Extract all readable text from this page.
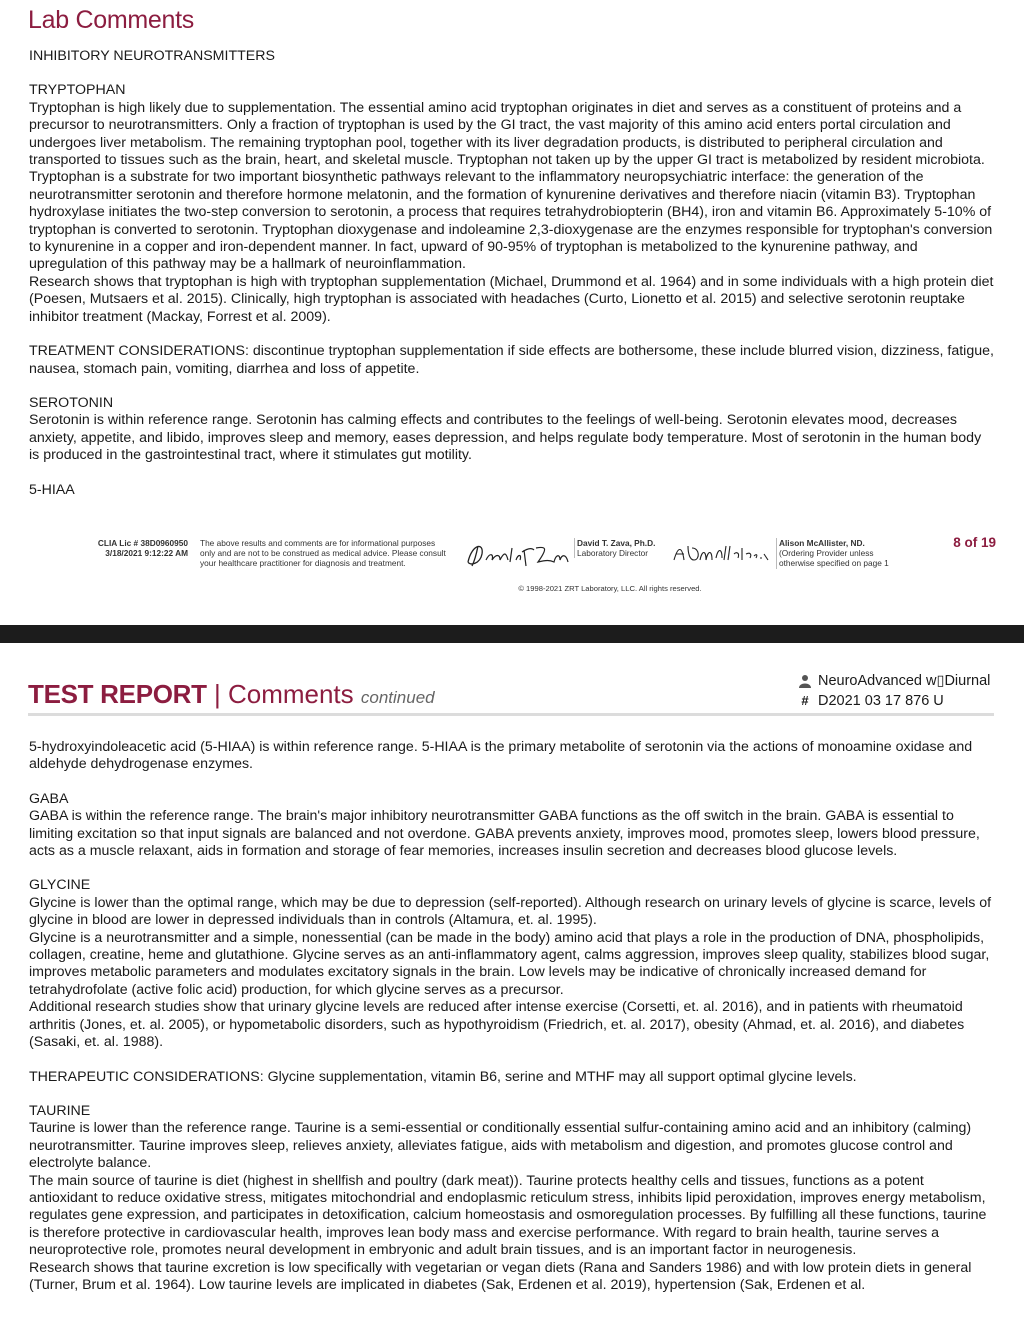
Lab Comments

INHIBITORY NEUROTRANSMITTERS

TRYPTOPHAN

Tryptophan is high likely due to supplementation. The essential amino acid tryptophan originates in diet and serves as a constituent of proteins and a precursor to neurotransmitters. Only a fraction of tryptophan is used by the GI tract, the vast majority of this amino acid enters portal circulation and undergoes liver metabolism. The remaining tryptophan pool, together with its liver degradation products, is distributed to peripheral circulation and transported to tissues such as the brain, heart, and skeletal muscle. Tryptophan not taken up by the upper GI tract is metabolized by resident microbiota.

Tryptophan is a substrate for two important biosynthetic pathways relevant to the inflammatory neuropsychiatric interface: the generation of the neurotransmitter serotonin and therefore hormone melatonin, and the formation of kynurenine derivatives and therefore niacin (vitamin B3). Tryptophan hydroxylase initiates the two-step conversion to serotonin, a process that requires tetrahydrobiopterin (BH4), iron and vitamin B6. Approximately 5-10% of tryptophan is converted to serotonin. Tryptophan dioxygenase and indoleamine 2,3-dioxygenase are the enzymes responsible for tryptophan's conversion to kynurenine in a copper and iron-dependent manner. In fact, upward of 90-95% of tryptophan is metabolized to the kynurenine pathway, and upregulation of this pathway may be a hallmark of neuroinflammation.

Research shows that tryptophan is high with tryptophan supplementation (Michael, Drummond et al. 1964) and in some individuals with a high protein diet (Poesen, Mutsaers et al. 2015). Clinically, high tryptophan is associated with headaches (Curto, Lionetto et al. 2015) and selective serotonin reuptake inhibitor treatment (Mackay, Forrest et al. 2009).

TREATMENT CONSIDERATIONS: discontinue tryptophan supplementation if side effects are bothersome, these include blurred vision, dizziness, fatigue, nausea, stomach pain, vomiting, diarrhea and loss of appetite.

SEROTONIN

Serotonin is within reference range. Serotonin has calming effects and contributes to the feelings of well-being. Serotonin elevates mood, decreases anxiety, appetite, and libido, improves sleep and memory, eases depression, and helps regulate body temperature. Most of serotonin in the human body is produced in the gastrointestinal tract, where it stimulates gut motility.

5-HIAA

CLIA Lic # 38D0960950
3/18/2021 9:12:22 AM
The above results and comments are for informational purposes only and are not to be construed as medical advice. Please consult your healthcare practitioner for diagnosis and treatment.
David T. Zava, Ph.D.
Laboratory Director
Alison McAllister, ND.
(Ordering Provider unless otherwise specified on page 1
8 of 19
© 1998-2021 ZRT Laboratory, LLC. All rights reserved.
TEST REPORT | Comments continued
NeuroAdvanced w▯Diurnal
# D2021 03 17 876 U

5-hydroxyindoleacetic acid (5-HIAA) is within reference range. 5-HIAA is the primary metabolite of serotonin via the actions of monoamine oxidase and aldehyde dehydrogenase enzymes.

GABA

GABA is within the reference range. The brain's major inhibitory neurotransmitter GABA functions as the off switch in the brain. GABA is essential to limiting excitation so that input signals are balanced and not overdone. GABA prevents anxiety, improves mood, promotes sleep, lowers blood pressure, acts as a muscle relaxant, aids in formation and storage of fear memories, increases insulin secretion and decreases blood glucose levels.

GLYCINE

Glycine is lower than the optimal range, which may be due to depression (self-reported). Although research on urinary levels of glycine is scarce, levels of glycine in blood are lower in depressed individuals than in controls (Altamura, et. al. 1995).

Glycine is a neurotransmitter and a simple, nonessential (can be made in the body) amino acid that plays a role in the production of DNA, phospholipids, collagen, creatine, heme and glutathione. Glycine serves as an anti-inflammatory agent, calms aggression, improves sleep quality, stabilizes blood sugar, improves metabolic parameters and modulates excitatory signals in the brain. Low levels may be indicative of chronically increased demand for tetrahydrofolate (active folic acid) production, for which glycine serves as a precursor.

Additional research studies show that urinary glycine levels are reduced after intense exercise (Corsetti, et. al. 2016), and in patients with rheumatoid arthritis (Jones, et. al. 2005), or hypometabolic disorders, such as hypothyroidism (Friedrich, et. al. 2017), obesity (Ahmad, et. al. 2016), and diabetes (Sasaki, et. al. 1988).

THERAPEUTIC CONSIDERATIONS: Glycine supplementation, vitamin B6, serine and MTHF may all support optimal glycine levels.

TAURINE

Taurine is lower than the reference range. Taurine is a semi-essential or conditionally essential sulfur-containing amino acid and an inhibitory (calming) neurotransmitter. Taurine improves sleep, relieves anxiety, alleviates fatigue, aids with metabolism and digestion, and promotes glucose control and electrolyte balance.

The main source of taurine is diet (highest in shellfish and poultry (dark meat)). Taurine protects healthy cells and tissues, functions as a potent antioxidant to reduce oxidative stress, mitigates mitochondrial and endoplasmic reticulum stress, inhibits lipid peroxidation, improves energy metabolism, regulates gene expression, and participates in detoxification, calcium homeostasis and osmoregulation processes. By fulfilling all these functions, taurine is therefore protective in cardiovascular health, improves lean body mass and exercise performance. With regard to brain health, taurine serves a neuroprotective role, promotes neural development in embryonic and adult brain tissues, and is an important factor in neurogenesis.

Research shows that taurine excretion is low specifically with vegetarian or vegan diets (Rana and Sanders 1986) and with low protein diets in general (Turner, Brum et al. 1964). Low taurine levels are implicated in diabetes (Sak, Erdenen et al. 2019), hypertension (Sak, Erdenen et al.
